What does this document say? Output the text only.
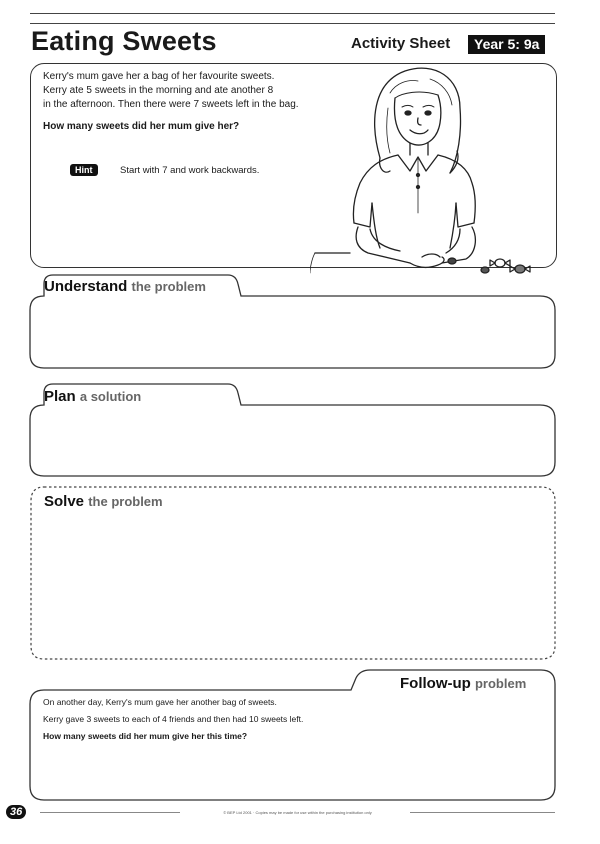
Eating Sweets	Activity Sheet	Year 5: 9a

Kerry's mum gave her a bag of her favourite sweets.

Kerry ate 5 sweets in the morning and ate another 8

in the afternoon. Then there were 7 sweets left in the bag.

How many sweets did her mum give her?

Hint	Start with 7 and work backwards.
Understand the problem
Plan a solution
Solve the problem
Follow-up problem

On another day, Kerry's mum gave her another bag of sweets.

Kerry gave 3 sweets to each of 4 friends and then had 10 sweets left.

How many sweets did her mum give her this time?

© BEP Ltd 2001 · Copies may be made for use within the purchasing institution only
36
